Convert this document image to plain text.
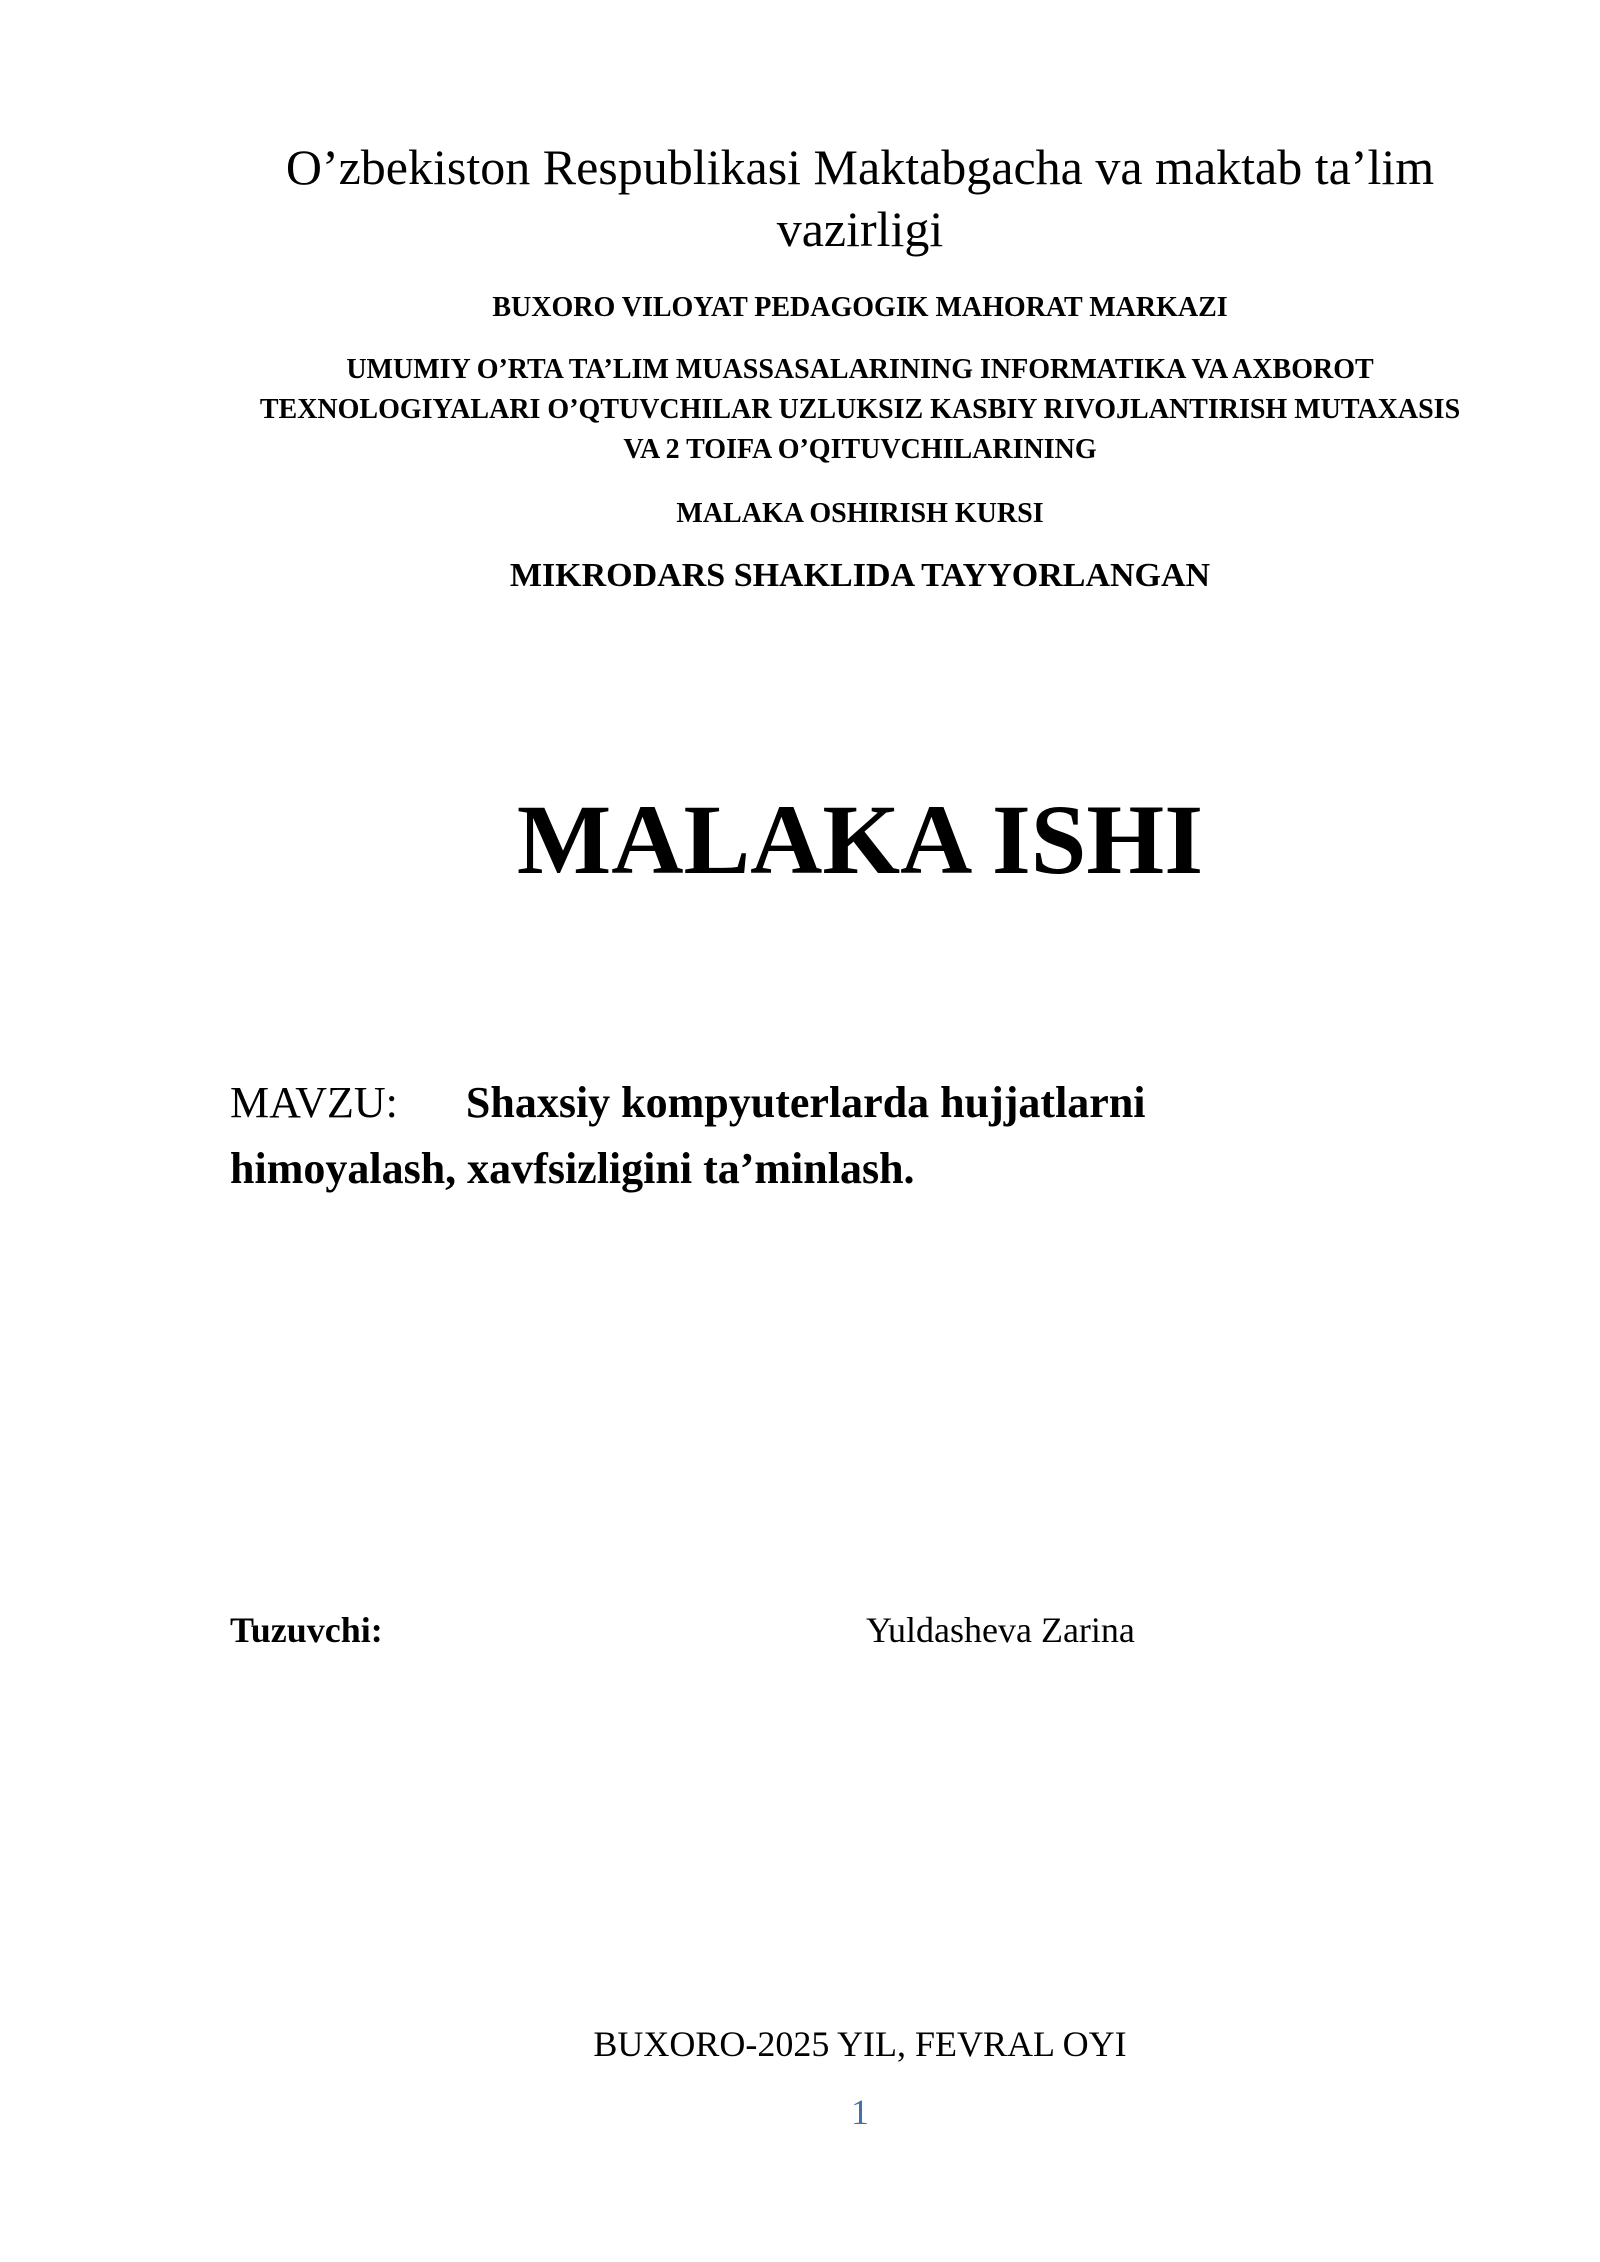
O’zbekiston Respublikasi Maktabgacha va maktab ta’lim vazirligi
BUXORO VILOYAT PEDAGOGIK MAHORAT MARKAZI
UMUMIY O’RTA TA’LIM MUASSASALARINING INFORMATIKA VA AXBOROT TEXNOLOGIYALARI O’QTUVCHILAR UZLUKSIZ KASBIY RIVOJLANTIRISH MUTAXASIS VA 2 TOIFA O’QITUVCHILARINING
MALAKA OSHIRISH KURSI
MIKRODARS SHAKLIDA TAYYORLANGAN
MALAKA ISHI
MAVZU: Shaxsiy kompyuterlarda hujjatlarni himoyalash, xavfsizligini ta’minlash.
Tuzuvchi:	Yuldasheva Zarina
BUXORO-2025 YIL, FEVRAL OYI
1
